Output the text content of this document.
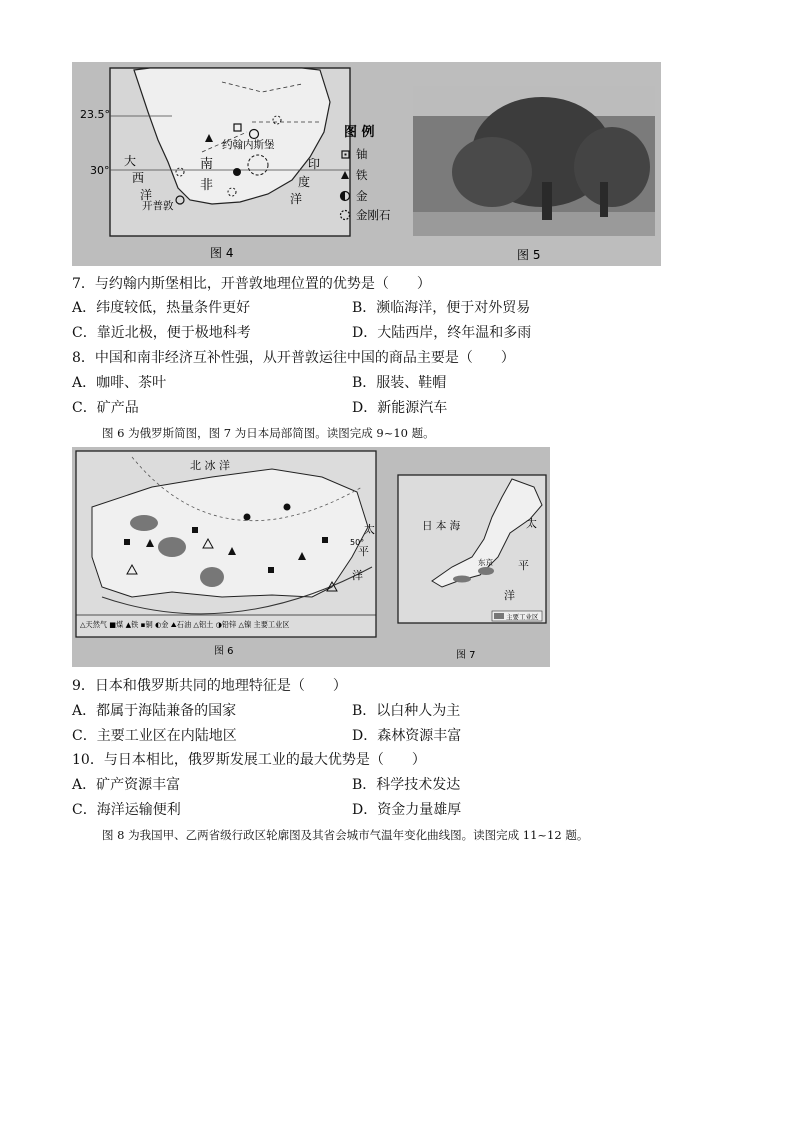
23.5°
30°
约翰内斯堡
开普敦
南
非
大
西
洋
印
度
洋
图 例
铀
铁
金
金刚石
图 4	图 5
7．与约翰内斯堡相比，开普敦地理位置的优势是（　　）
A．纬度较低，热量条件更好	B．濒临海洋，便于对外贸易
C．靠近北极，便于极地科考	D．大陆西岸，终年温和多雨
8．中国和南非经济互补性强，从开普敦运往中国的商品主要是（　　）
A．咖啡、茶叶	B．服装、鞋帽
C．矿产品	D．新能源汽车
图 6 为俄罗斯简图，图 7 为日本局部简图。读图完成 9~10 题。
北 冰 洋
太
平
洋
50°
△天然气 ■煤 ▲铁 ▪铜 ◐金 ⛰石油 △铝土 ◑铅锌 △镍 主要工业区
图 6
日 本 海
东京
太
平
洋
主要工业区
图 7
9．日本和俄罗斯共同的地理特征是（　　）
A．都属于海陆兼备的国家	B．以白种人为主
C．主要工业区在内陆地区	D．森林资源丰富
10．与日本相比，俄罗斯发展工业的最大优势是（　　）
A．矿产资源丰富	B．科学技术发达
C．海洋运输便利	D．资金力量雄厚
图 8 为我国甲、乙两省级行政区轮廓图及其省会城市气温年变化曲线图。读图完成 11~12 题。
